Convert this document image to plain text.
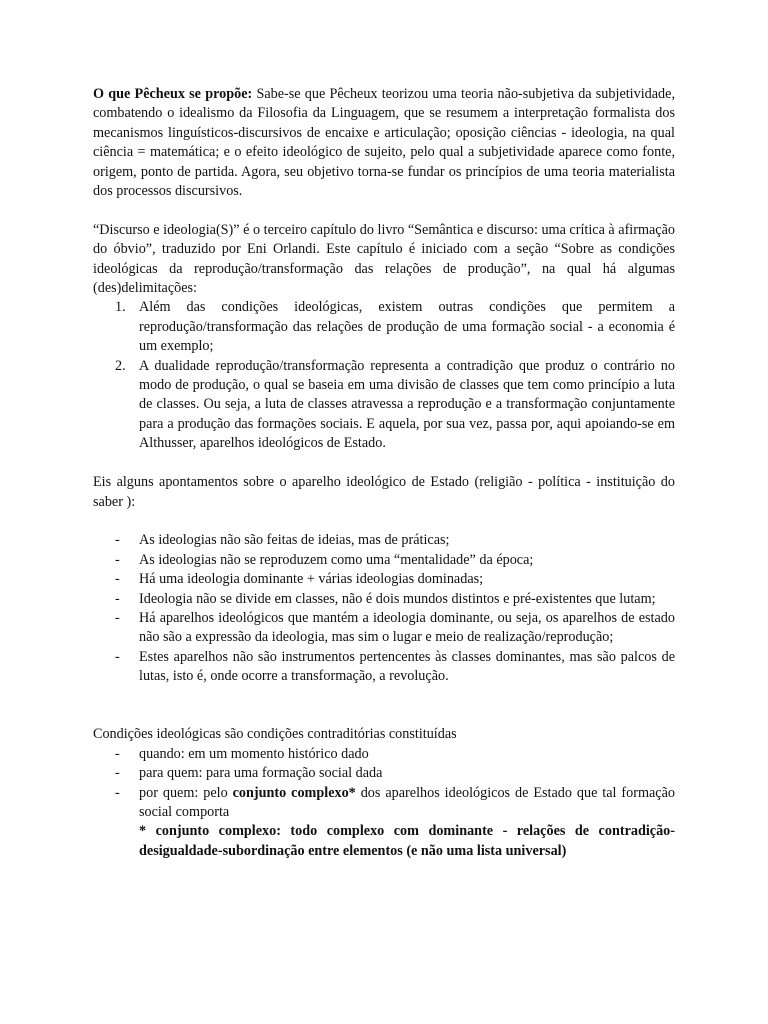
O que Pêcheux se propõe: Sabe-se que Pêcheux teorizou uma teoria não-subjetiva da subjetividade, combatendo o idealismo da Filosofia da Linguagem, que se resumem a interpretação formalista dos mecanismos linguísticos-discursivos de encaixe e articulação; oposição ciências - ideologia, na qual ciência = matemática; e o efeito ideológico de sujeito, pelo qual a subjetividade aparece como fonte, origem, ponto de partida. Agora, seu objetivo torna-se fundar os princípios de uma teoria materialista dos processos discursivos.

“Discurso e ideologia(S)” é o terceiro capítulo do livro “Semântica e discurso: uma crítica à afirmação do óbvio”, traduzido por Eni Orlandi. Este capítulo é iniciado com a seção “Sobre as condições ideológicas da reprodução/transformação das relações de produção”, na qual há algumas (des)delimitações:

1. Além das condições ideológicas, existem outras condições que permitem a reprodução/transformação das relações de produção de uma formação social - a economia é um exemplo;
2. A dualidade reprodução/transformação representa a contradição que produz o contrário no modo de produção, o qual se baseia em uma divisão de classes que tem como princípio a luta de classes. Ou seja, a luta de classes atravessa a reprodução e a transformação conjuntamente para a produção das formações sociais. E aquela, por sua vez, passa por, aqui apoiando-se em Althusser, aparelhos ideológicos de Estado.

Eis alguns apontamentos sobre o aparelho ideológico de Estado (religião - política - instituição do saber ):

- As ideologias não são feitas de ideias, mas de práticas;
- As ideologias não se reproduzem como uma “mentalidade” da época;
- Há uma ideologia dominante + várias ideologias dominadas;
- Ideologia não se divide em classes, não é dois mundos distintos e pré-existentes que lutam;
- Há aparelhos ideológicos que mantém a ideologia dominante, ou seja, os aparelhos de estado não são a expressão da ideologia, mas sim o lugar e meio de realização/reprodução;
- Estes aparelhos não são instrumentos pertencentes às classes dominantes, mas são palcos de lutas, isto é, onde ocorre a transformação, a revolução.

Condições ideológicas são condições contraditórias constituídas

- quando: em um momento histórico dado
- para quem: para uma formação social dada
- por quem: pelo conjunto complexo* dos aparelhos ideológicos de Estado que tal formação social comporta

* conjunto complexo: todo complexo com dominante - relações de contradição-desigualdade-subordinação entre elementos (e não uma lista universal)
